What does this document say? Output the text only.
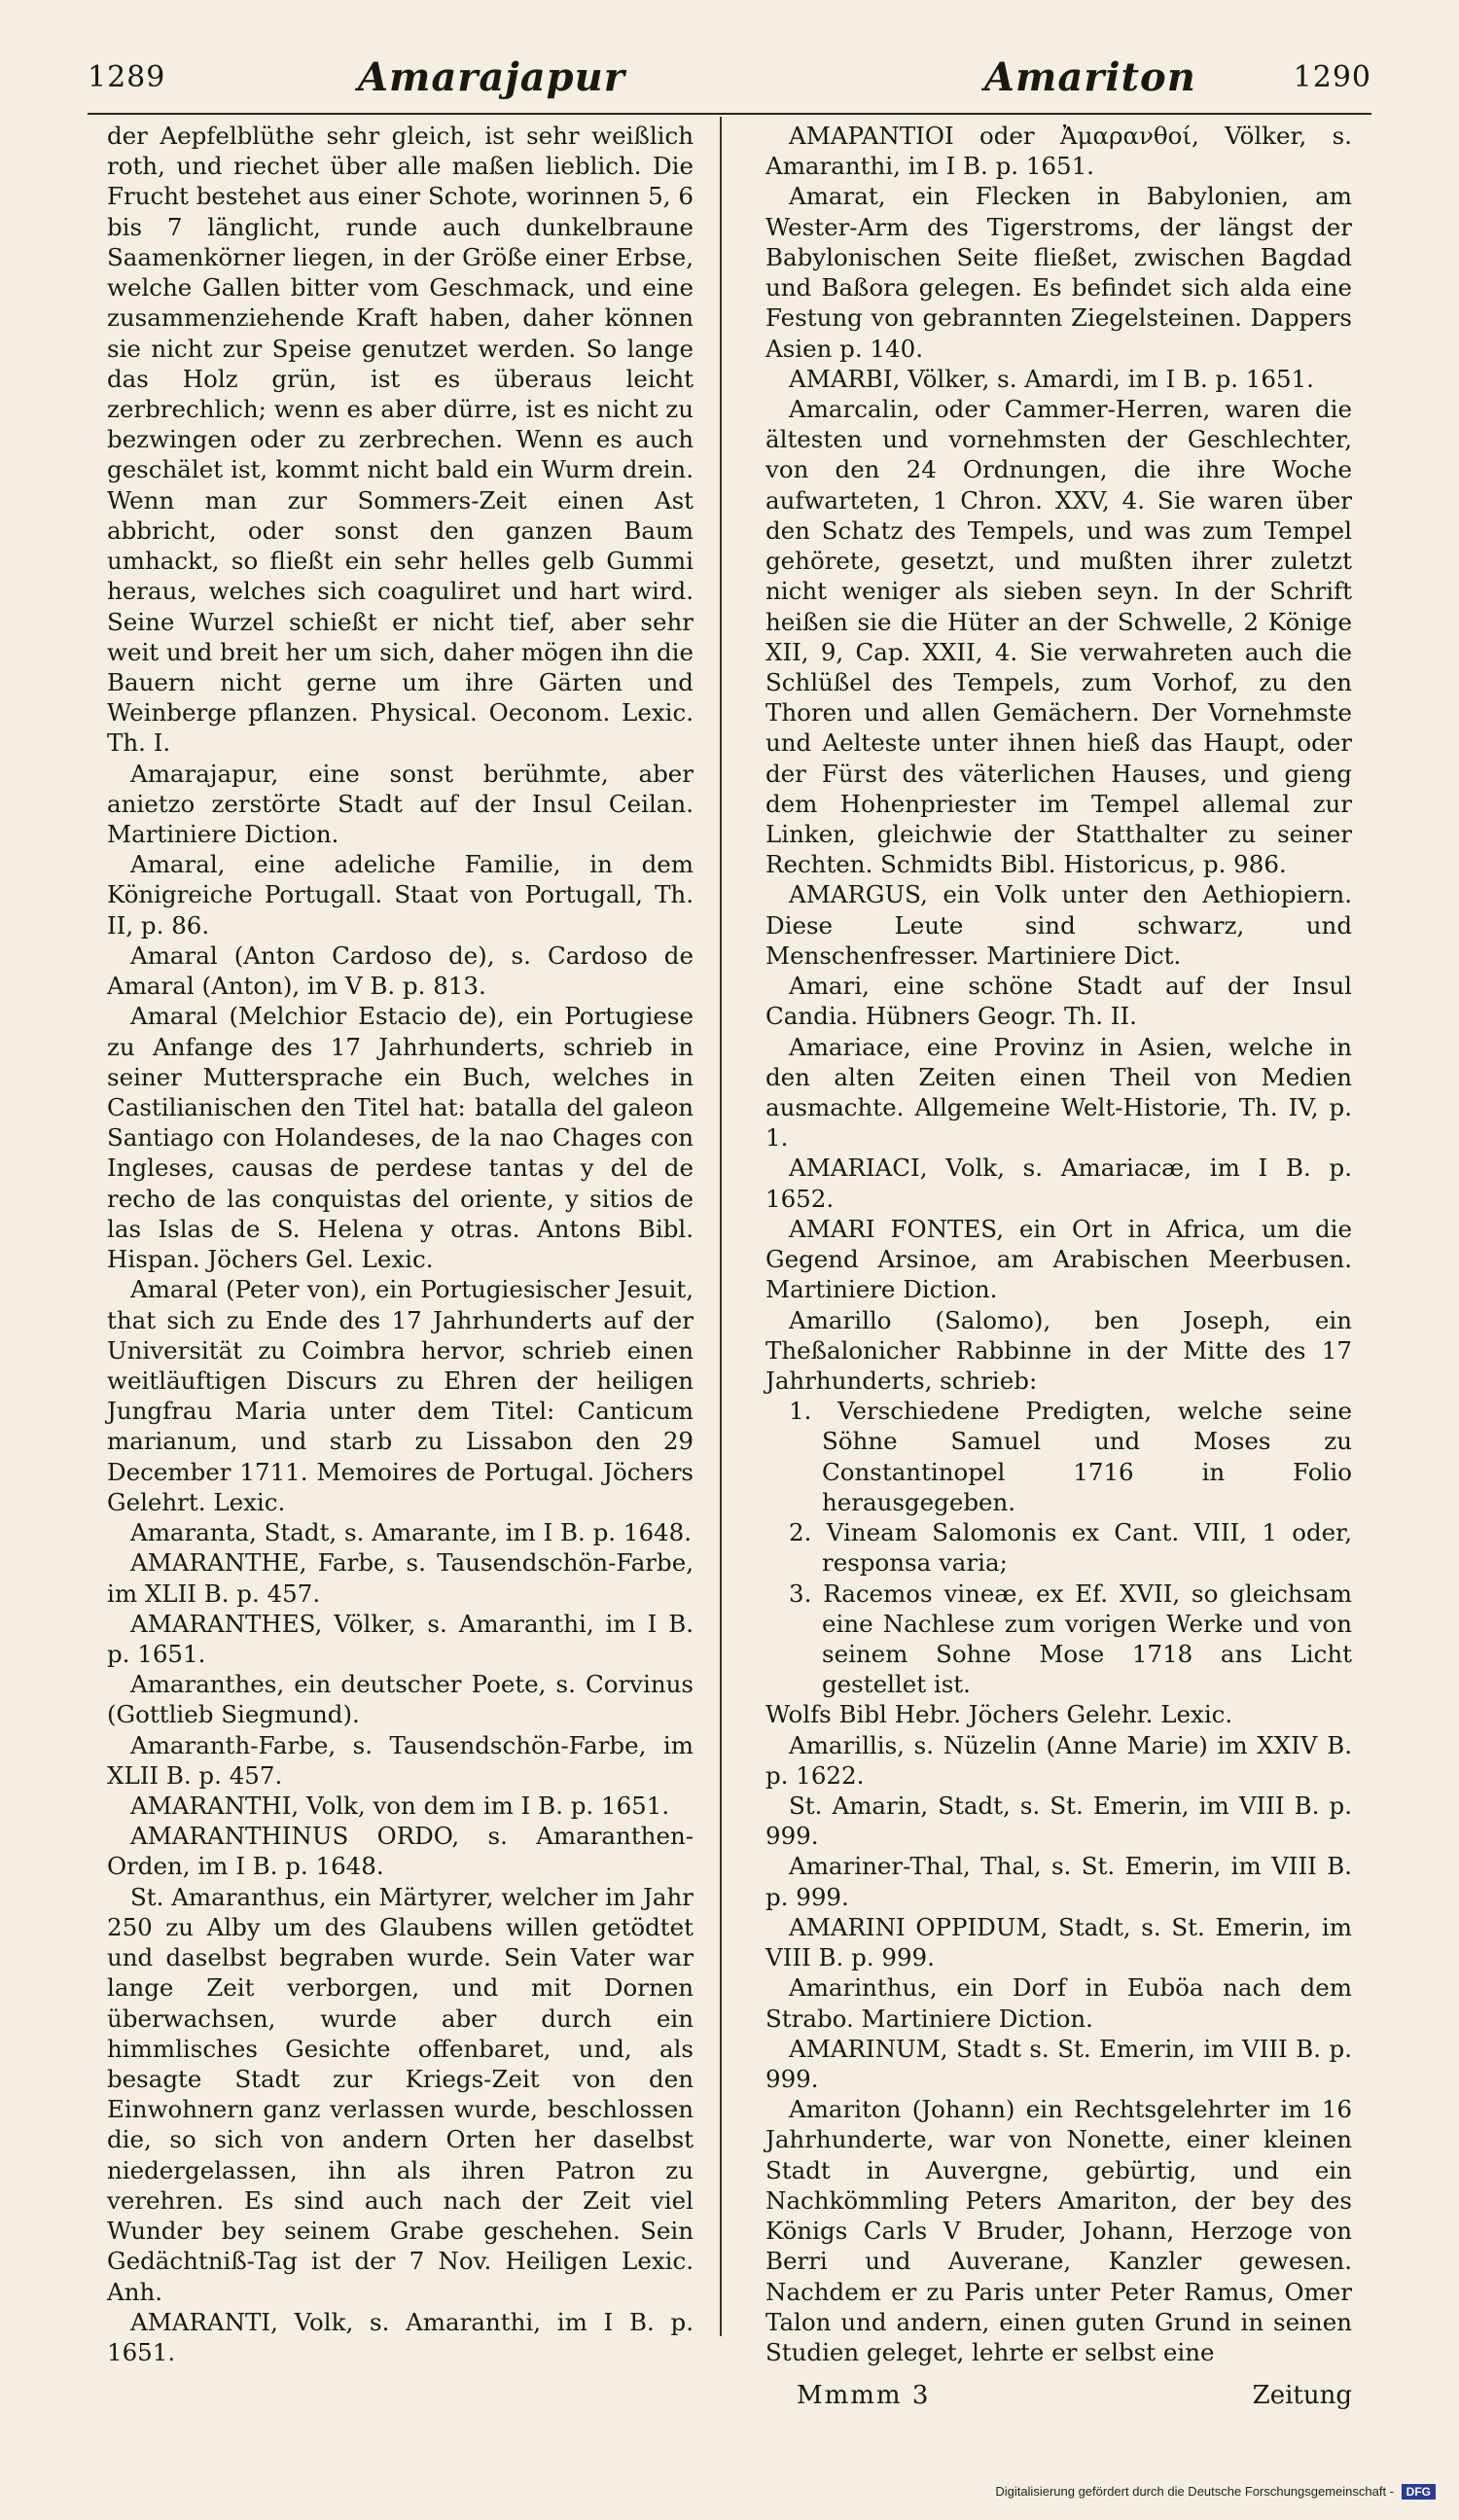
1289	Amarajapur	Amariton	1290

der Aepfelblüthe sehr gleich, ist sehr weißlich roth, und riechet über alle maßen lieblich. Die Frucht bestehet aus einer Schote, worinnen 5, 6 bis 7 länglicht, runde auch dunkelbraune Saamenkörner liegen, in der Größe einer Erbse, welche Gallen bitter vom Geschmack, und eine zusammenziehende Kraft haben, daher können sie nicht zur Speise genutzet werden. So lange das Holz grün, ist es überaus leicht zerbrechlich; wenn es aber dürre, ist es nicht zu bezwingen oder zu zerbrechen. Wenn es auch geschälet ist, kommt nicht bald ein Wurm drein. Wenn man zur Sommers-Zeit einen Ast abbricht, oder sonst den ganzen Baum umhackt, so fließt ein sehr helles gelb Gummi heraus, welches sich coaguliret und hart wird. Seine Wurzel schießt er nicht tief, aber sehr weit und breit her um sich, daher mögen ihn die Bauern nicht gerne um ihre Gärten und Weinberge pflanzen. Physical. Oeconom. Lexic. Th. I.

Amarajapur, eine sonst berühmte, aber anietzo zerstörte Stadt auf der Insul Ceilan. Martiniere Diction.

Amaral, eine adeliche Familie, in dem Königreiche Portugall. Staat von Portugall, Th. II, p. 86.

Amaral (Anton Cardoso de), s. Cardoso de Amaral (Anton), im V B. p. 813.

Amaral (Melchior Estacio de), ein Portugiese zu Anfange des 17 Jahrhunderts, schrieb in seiner Muttersprache ein Buch, welches in Castilianischen den Titel hat: batalla del galeon Santiago con Holandeses, de la nao Chages con Ingleses, causas de perdese tantas y del de recho de las conquistas del oriente, y sitios de las Islas de S. Helena y otras. Antons Bibl. Hispan. Jöchers Gel. Lexic.

Amaral (Peter von), ein Portugiesischer Jesuit, that sich zu Ende des 17 Jahrhunderts auf der Universität zu Coimbra hervor, schrieb einen weitläuftigen Discurs zu Ehren der heiligen Jungfrau Maria unter dem Titel: Canticum marianum, und starb zu Lissabon den 29 December 1711. Memoires de Portugal. Jöchers Gelehrt. Lexic.

Amaranta, Stadt, s. Amarante, im I B. p. 1648.

AMARANTHE, Farbe, s. Tausendschön-Farbe, im XLII B. p. 457.

AMARANTHES, Völker, s. Amaranthi, im I B. p. 1651.

Amaranthes, ein deutscher Poete, s. Corvinus (Gottlieb Siegmund).

Amaranth-Farbe, s. Tausendschön-Farbe, im XLII B. p. 457.

AMARANTHI, Volk, von dem im I B. p. 1651.

AMARANTHINUS ORDO, s. Amaranthen-Orden, im I B. p. 1648.

St. Amaranthus, ein Märtyrer, welcher im Jahr 250 zu Alby um des Glaubens willen getödtet und daselbst begraben wurde. Sein Vater war lange Zeit verborgen, und mit Dornen überwachsen, wurde aber durch ein himmlisches Gesichte offenbaret, und, als besagte Stadt zur Kriegs-Zeit von den Einwohnern ganz verlassen wurde, beschlossen die, so sich von andern Orten her daselbst niedergelassen, ihn als ihren Patron zu verehren. Es sind auch nach der Zeit viel Wunder bey seinem Grabe geschehen. Sein Gedächtniß-Tag ist der 7 Nov. Heiligen Lexic. Anh.

AMARANTI, Volk, s. Amaranthi, im I B. p. 1651.

AMAPANTIOI oder Ἀμαρανθοί, Völker, s. Amaranthi, im I B. p. 1651.

Amarat, ein Flecken in Babylonien, am Wester-Arm des Tigerstroms, der längst der Babylonischen Seite fließet, zwischen Bagdad und Baßora gelegen. Es befindet sich alda eine Festung von gebrannten Ziegelsteinen. Dappers Asien p. 140.

AMARBI, Völker, s. Amardi, im I B. p. 1651.

Amarcalin, oder Cammer-Herren, waren die ältesten und vornehmsten der Geschlechter, von den 24 Ordnungen, die ihre Woche aufwarteten, 1 Chron. XXV, 4. Sie waren über den Schatz des Tempels, und was zum Tempel gehörete, gesetzt, und mußten ihrer zuletzt nicht weniger als sieben seyn. In der Schrift heißen sie die Hüter an der Schwelle, 2 Könige XII, 9, Cap. XXII, 4. Sie verwahreten auch die Schlüßel des Tempels, zum Vorhof, zu den Thoren und allen Gemächern. Der Vornehmste und Aelteste unter ihnen hieß das Haupt, oder der Fürst des väterlichen Hauses, und gieng dem Hohenpriester im Tempel allemal zur Linken, gleichwie der Statthalter zu seiner Rechten. Schmidts Bibl. Historicus, p. 986.

AMARGUS, ein Volk unter den Aethiopiern. Diese Leute sind schwarz, und Menschenfresser. Martiniere Dict.

Amari, eine schöne Stadt auf der Insul Candia. Hübners Geogr. Th. II.

Amariace, eine Provinz in Asien, welche in den alten Zeiten einen Theil von Medien ausmachte. Allgemeine Welt-Historie, Th. IV, p. 1.

AMARIACI, Volk, s. Amariacæ, im I B. p. 1652.

AMARI FONTES, ein Ort in Africa, um die Gegend Arsinoe, am Arabischen Meerbusen. Martiniere Diction.

Amarillo (Salomo), ben Joseph, ein Theßalonicher Rabbinne in der Mitte des 17 Jahrhunderts, schrieb:

1. Verschiedene Predigten, welche seine Söhne Samuel und Moses zu Constantinopel 1716 in Folio herausgegeben.

2. Vineam Salomonis ex Cant. VIII, 1 oder, responsa varia;

3. Racemos vineæ, ex Ef. XVII, so gleichsam eine Nachlese zum vorigen Werke und von seinem Sohne Mose 1718 ans Licht gestellet ist.

Wolfs Bibl Hebr. Jöchers Gelehr. Lexic.

Amarillis, s. Nüzelin (Anne Marie) im XXIV B. p. 1622.

St. Amarin, Stadt, s. St. Emerin, im VIII B. p. 999.

Amariner-Thal, Thal, s. St. Emerin, im VIII B. p. 999.

AMARINI OPPIDUM, Stadt, s. St. Emerin, im VIII B. p. 999.

Amarinthus, ein Dorf in Euböa nach dem Strabo. Martiniere Diction.

AMARINUM, Stadt s. St. Emerin, im VIII B. p. 999.

Amariton (Johann) ein Rechtsgelehrter im 16 Jahrhunderte, war von Nonette, einer kleinen Stadt in Auvergne, gebürtig, und ein Nachkömmling Peters Amariton, der bey des Königs Carls V Bruder, Johann, Herzoge von Berri und Auverane, Kanzler gewesen. Nachdem er zu Paris unter Peter Ramus, Omer Talon und andern, einen guten Grund in seinen Studien geleget, lehrte er selbst eine

Mmmm 3	Zeitung
Digitalisierung gefördert durch die Deutsche Forschungsgemeinschaft - DFG
